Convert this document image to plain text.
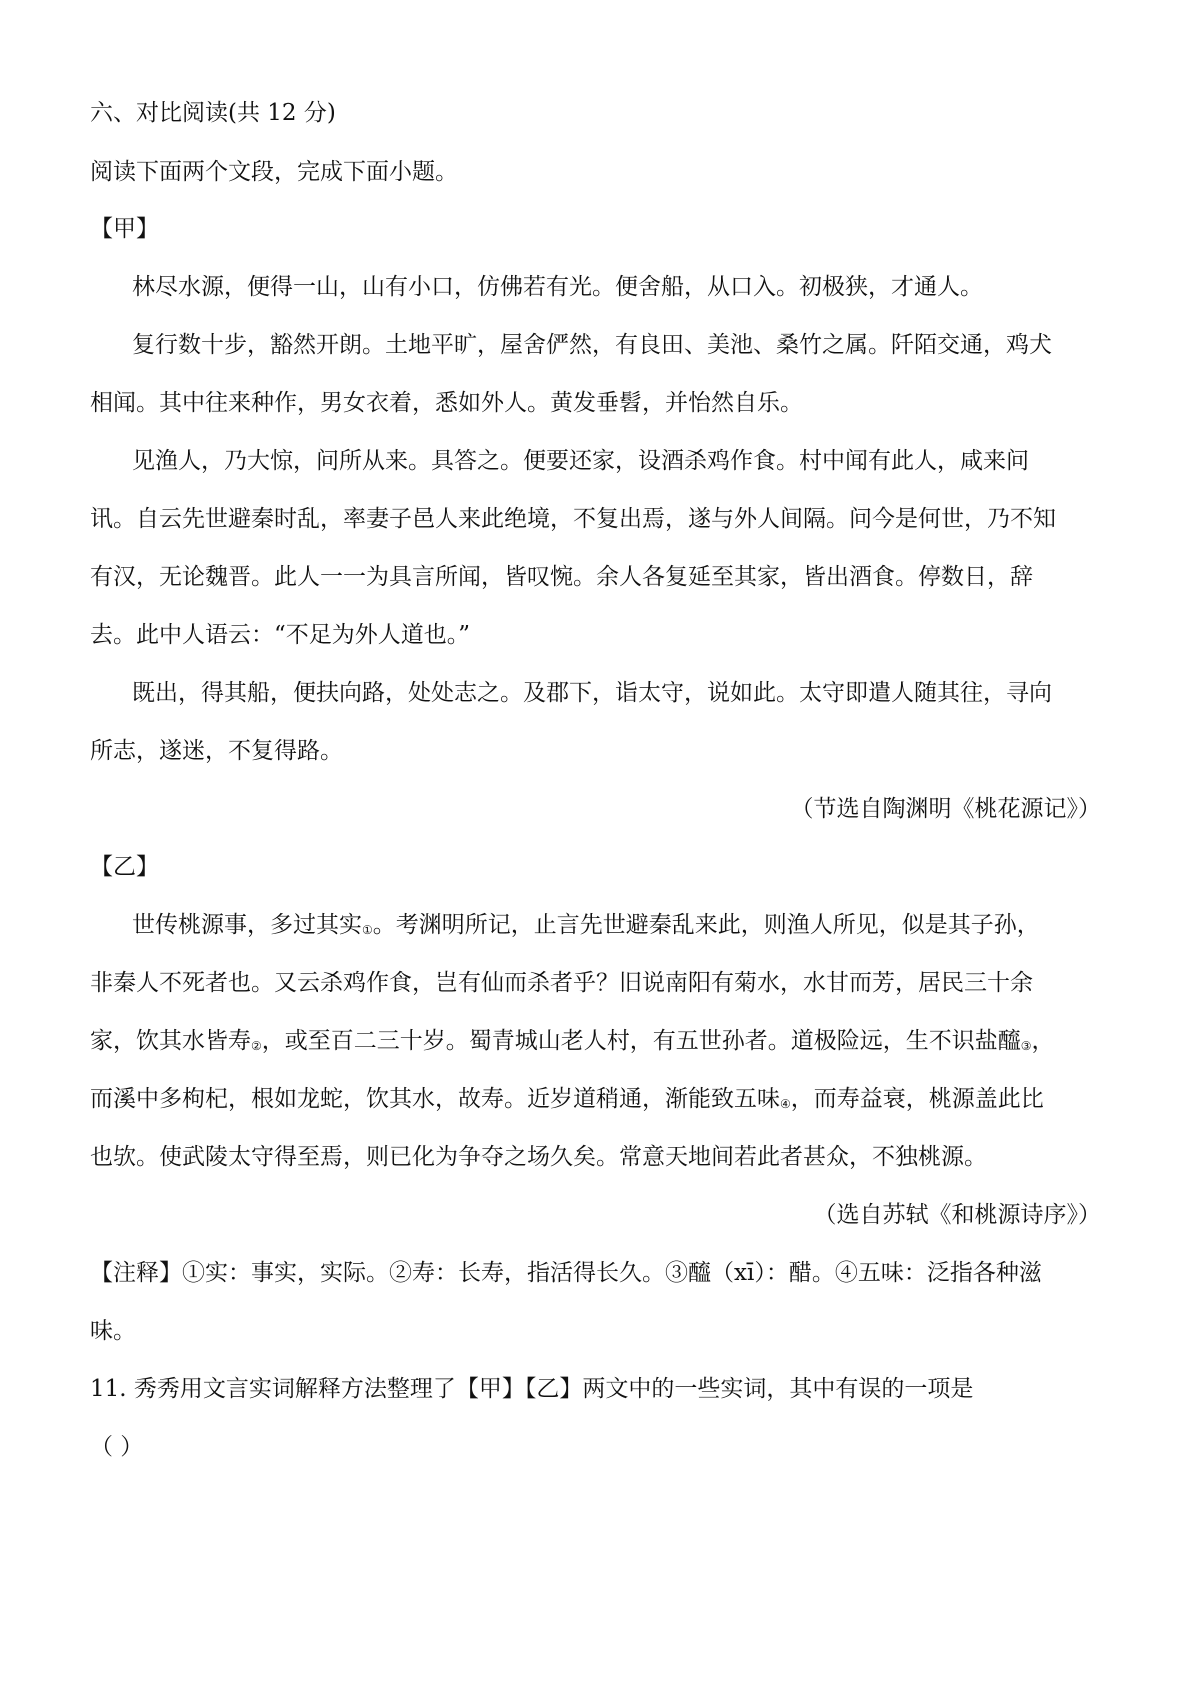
六、对比阅读(共 12 分)
阅读下面两个文段，完成下面小题。
【甲】
林尽水源，便得一山，山有小口，仿佛若有光。便舍船，从口入。初极狭，才通人。
复行数十步，豁然开朗。土地平旷，屋舍俨然，有良田、美池、桑竹之属。阡陌交通，鸡犬
相闻。其中往来种作，男女衣着，悉如外人。黄发垂髫，并怡然自乐。
见渔人，乃大惊，问所从来。具答之。便要还家，设酒杀鸡作食。村中闻有此人，咸来问
讯。自云先世避秦时乱，率妻子邑人来此绝境，不复出焉，遂与外人间隔。问今是何世，乃不知
有汉，无论魏晋。此人一一为具言所闻，皆叹惋。余人各复延至其家，皆出酒食。停数日，辞
去。此中人语云：“不足为外人道也。”
既出，得其船，便扶向路，处处志之。及郡下，诣太守，说如此。太守即遣人随其往，寻向
所志，遂迷，不复得路。
（节选自陶渊明《桃花源记》）
【乙】
世传桃源事，多过其实$_①$。考渊明所记，止言先世避秦乱来此，则渔人所见，似是其子孙，
非秦人不死者也。又云杀鸡作食，岂有仙而杀者乎？旧说南阳有菊水，水甘而芳，居民三十余
家，饮其水皆寿$_②$，或至百二三十岁。蜀青城山老人村，有五世孙者。道极险远，生不识盐醯$_③$，
而溪中多枸杞，根如龙蛇，饮其水，故寿。近岁道稍通，渐能致五味$_④$，而寿益衰，桃源盖此比
也欤。使武陵太守得至焉，则已化为争夺之场久矣。常意天地间若此者甚众，不独桃源。
（选自苏轼《和桃源诗序》）
【注释】①实：事实，实际。②寿：长寿，指活得长久。③醯（xī）：醋。④五味：泛指各种滋
味。
11. 秀秀用文言实词解释方法整理了【甲】【乙】两文中的一些实词，其中有误的一项是
（ ）
